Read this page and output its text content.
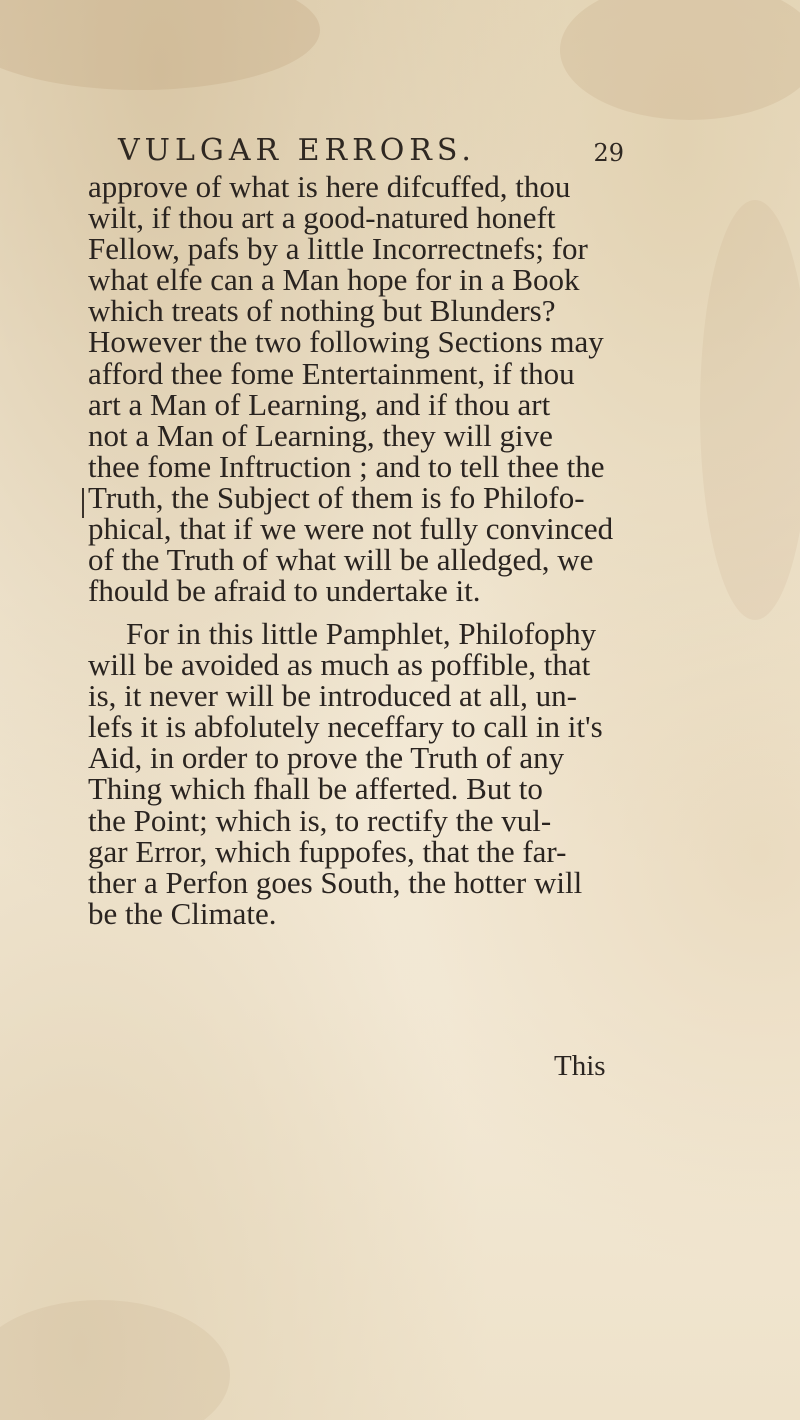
VULGAR ERRORS.	29
approve of what is here difcuffed, thou
wilt, if thou art a good-natured honeft
Fellow, pafs by a little Incorrectnefs; for
what elfe can a Man hope for in a Book
which treats of nothing but Blunders?
However the two following Sections may
afford thee fome Entertainment, if thou
art a Man of Learning, and if thou art
not a Man of Learning, they will give
thee fome Inftruction ; and to tell thee the
Truth, the Subject of them is fo Philofo-
phical, that if we were not fully convinced
of the Truth of what will be alledged, we
fhould be afraid to undertake it.
For in this little Pamphlet, Philofophy
will be avoided as much as poffible, that
is, it never will be introduced at all, un-
lefs it is abfolutely neceffary to call in it's
Aid, in order to prove the Truth of any
Thing which fhall be afferted. But to
the Point; which is, to rectify the vul-
gar Error, which fuppofes, that the far-
ther a Perfon goes South, the hotter will
be the Climate.
This
